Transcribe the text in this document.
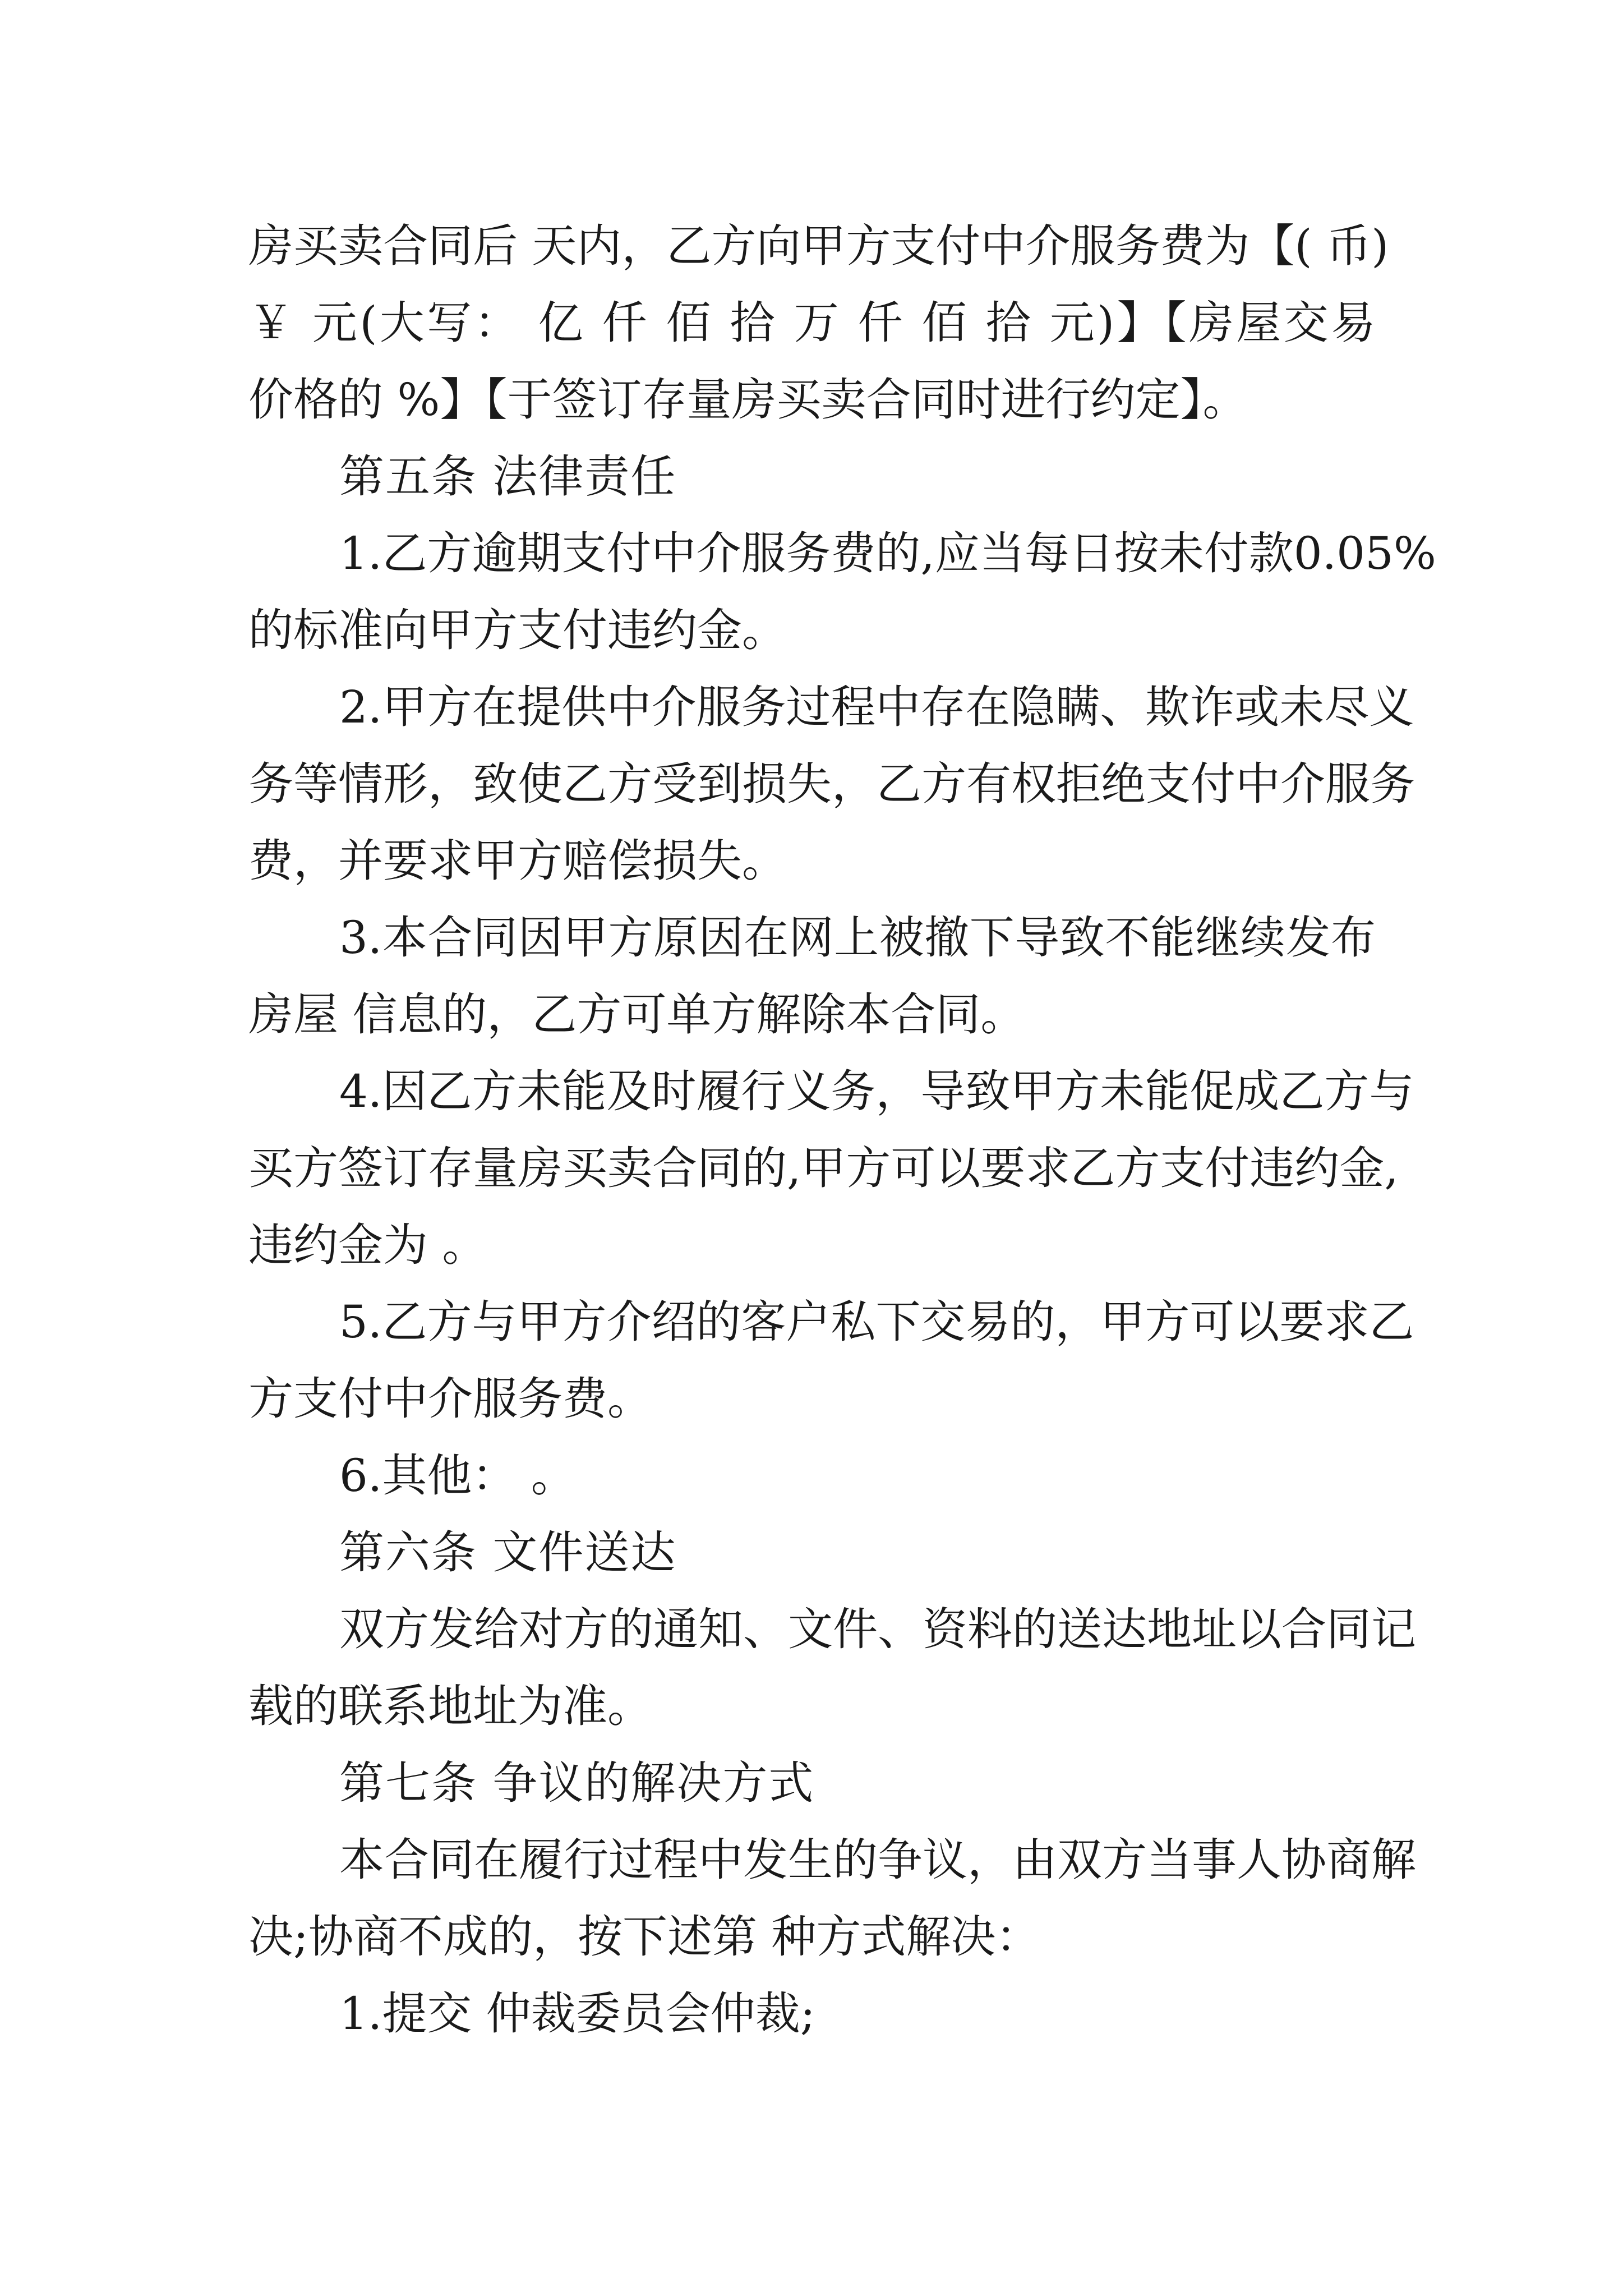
房买卖合同后 天内，乙方向甲方支付中介服务费为【( 币)
￥ 元(大写： 亿 仟 佰 拾 万 仟 佰 拾 元)】【房屋交易
价格的 %】【于签订存量房买卖合同时进行约定】。
第五条 法律责任
1.乙方逾期支付中介服务费的,应当每日按未付款0.05%
的标准向甲方支付违约金。
2.甲方在提供中介服务过程中存在隐瞒、欺诈或未尽义
务等情形，致使乙方受到损失，乙方有权拒绝支付中介服务
费，并要求甲方赔偿损失。
3.本合同因甲方原因在网上被撤下导致不能继续发布
房屋 信息的，乙方可单方解除本合同。
4.因乙方未能及时履行义务，导致甲方未能促成乙方与
买方签订存量房买卖合同的,甲方可以要求乙方支付违约金,
违约金为 。
5.乙方与甲方介绍的客户私下交易的，甲方可以要求乙
方支付中介服务费。
6.其他： 。
第六条 文件送达
双方发给对方的通知、文件、资料的送达地址以合同记
载的联系地址为准。
第七条 争议的解决方式
本合同在履行过程中发生的争议，由双方当事人协商解
决;协商不成的，按下述第 种方式解决：
1.提交 仲裁委员会仲裁;
